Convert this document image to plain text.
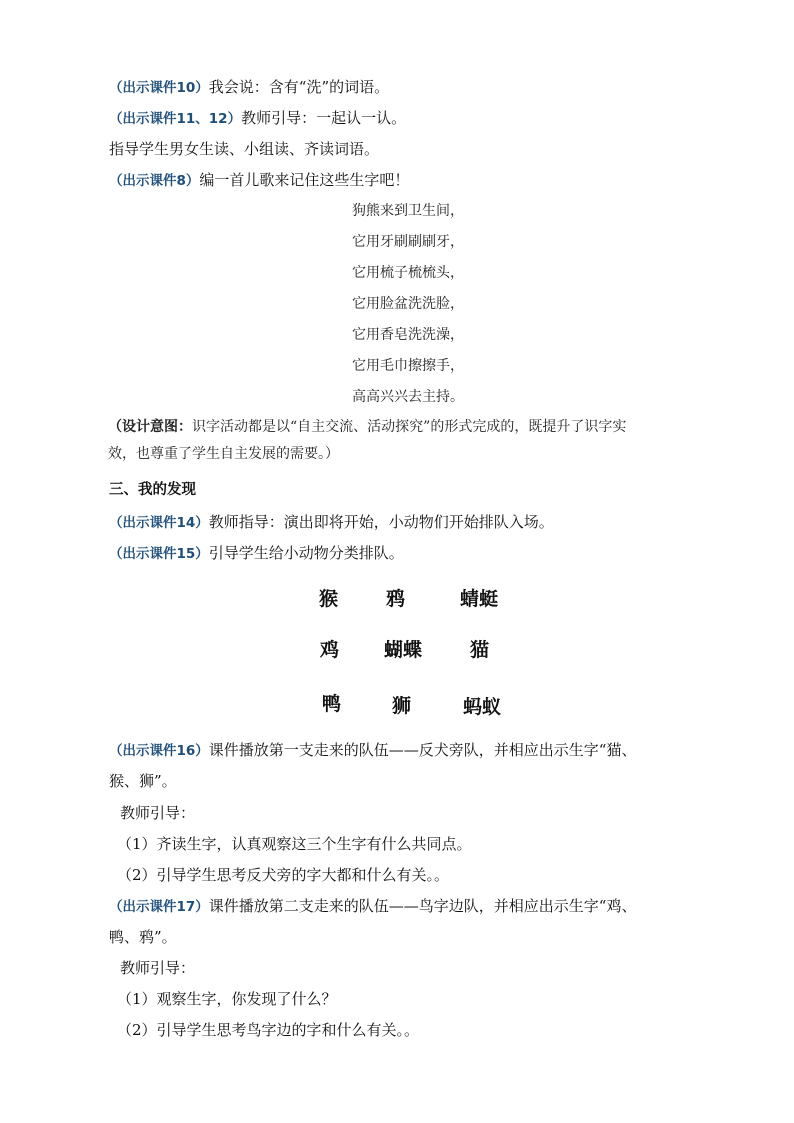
（出示课件10）我会说：含有“洗”的词语。
（出示课件11、12）教师引导：一起认一认。
指导学生男女生读、小组读、齐读词语。
（出示课件8）编一首儿歌来记住这些生字吧！
狗熊来到卫生间，
它用牙刷刷刷牙，
它用梳子梳梳头，
它用脸盆洗洗脸，
它用香皂洗洗澡，
它用毛巾擦擦手，
高高兴兴去主持。
（设计意图：识字活动都是以“自主交流、活动探究”的形式完成的，既提升了识字实
效，也尊重了学生自主发展的需要。）
三、我的发现
（出示课件14）教师指导：演出即将开始，小动物们开始排队入场。
（出示课件15）引导学生给小动物分类排队。
猴	鸦	蜻蜓
鸡 蝴蝶	猫
鸭	狮	蚂蚁
（出示课件16）课件播放第一支走来的队伍——反犬旁队，并相应出示生字“猫、
猴、狮”。
教师引导：
（1）齐读生字，认真观察这三个生字有什么共同点。
（2）引导学生思考反犬旁的字大都和什么有关。。
（出示课件17）课件播放第二支走来的队伍——鸟字边队，并相应出示生字“鸡、
鸭、鸦”。
教师引导：
（1）观察生字，你发现了什么？
（2）引导学生思考鸟字边的字和什么有关。。
